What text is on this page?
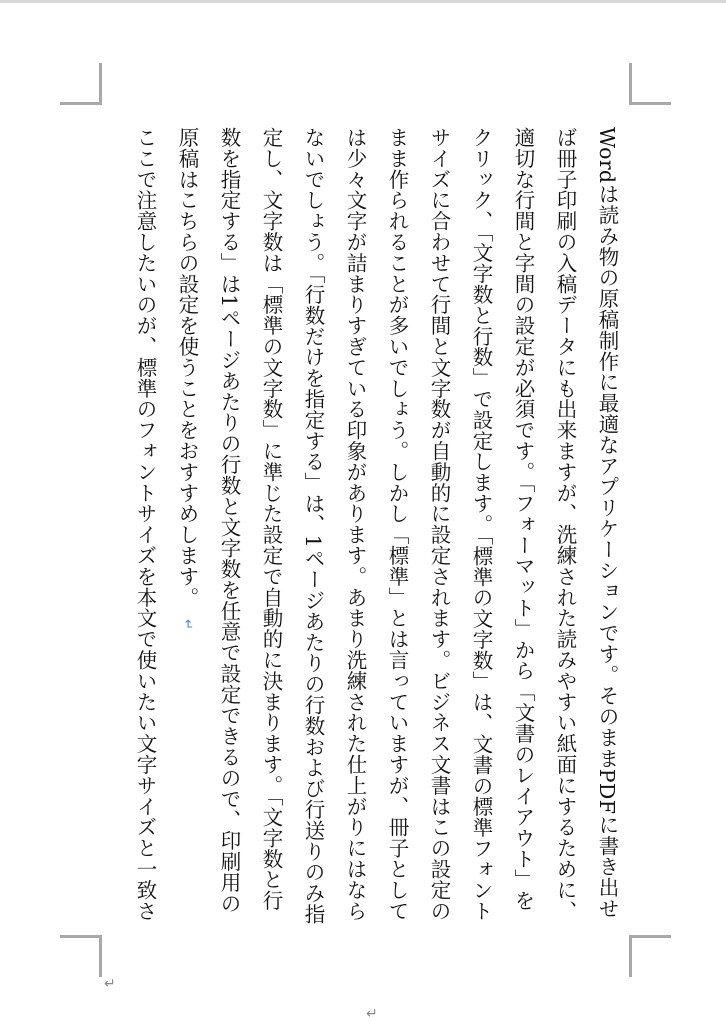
Wordは読み物の原稿制作に最適なアプリケーションです。そのままPDFに書き出せば冊子印刷の入稿データにも出来ますが、洗練された読みやすい紙面にするために、適切な行間と字間の設定が必須です。「フォーマット」から「文書のレイアウト」をクリック、「文字数と行数」で設定します。「標準の文字数」は、文書の標準フォントサイズに合わせて行間と文字数が自動的に設定されます。ビジネス文書はこの設定のまま作られることが多いでしょう。しかし「標準」とは言っていますが、冊子としては少々文字が詰まりすぎている印象があります。あまり洗練された仕上がりにはならないでしょう。「行数だけを指定する」は、1ページあたりの行数および行送りのみ指定し、文字数は「標準の文字数」に準じた設定で自動的に決まります。「文字数と行数を指定する」は1ページあたりの行数と文字数を任意で設定できるので、印刷用の原稿はこちらの設定を使うことをおすすめします。 ↵

ここで注意したいのが、標準のフォントサイズを本文で使いたい文字サイズと一致さ

↵
↵
